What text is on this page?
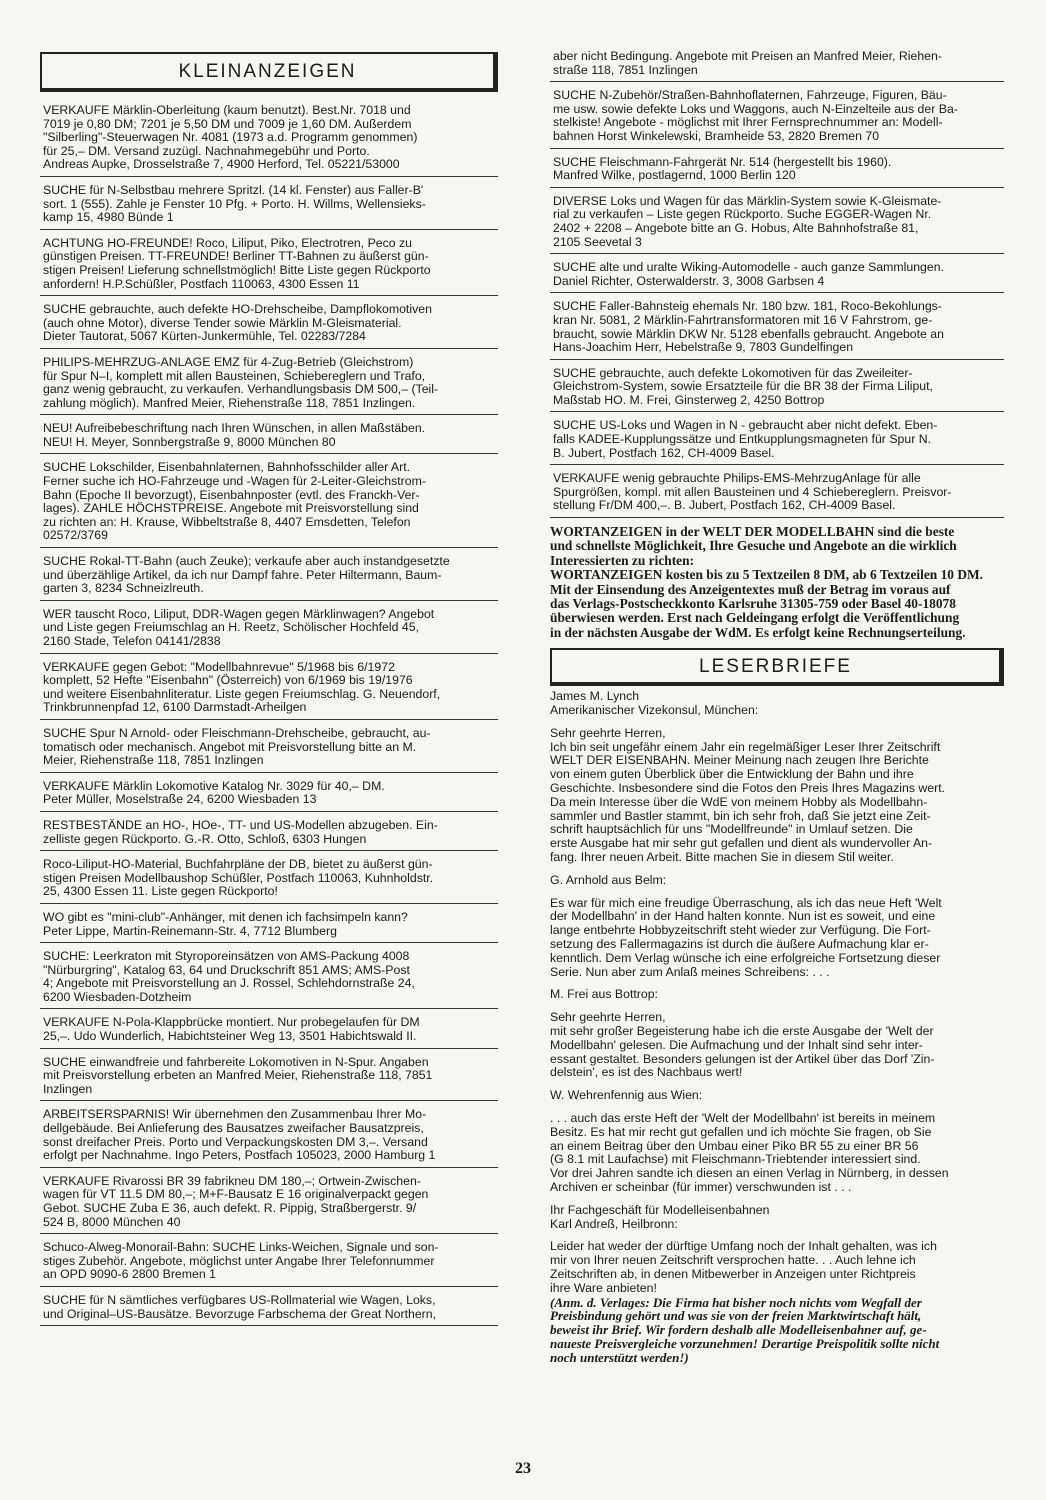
KLEINANZEIGEN
VERKAUFE Märklin-Oberleitung (kaum benutzt). Best.Nr. 7018 und
7019 je 0,80 DM; 7201 je 5,50 DM und 7009 je 1,60 DM. Außerdem
"Silberling"-Steuerwagen Nr. 4081 (1973 a.d. Programm genommen)
für 25,– DM. Versand zuzügl. Nachnahmegebühr und Porto.
Andreas Aupke, Drosselstraße 7, 4900 Herford, Tel. 05221/53000
SUCHE für N-Selbstbau mehrere Spritzl. (14 kl. Fenster) aus Faller-B'
sort. 1 (555). Zahle je Fenster 10 Pfg. + Porto. H. Willms, Wellensieks-
kamp 15, 4980 Bünde 1
ACHTUNG HO-FREUNDE! Roco, Liliput, Piko, Electrotren, Peco zu
günstigen Preisen. TT-FREUNDE! Berliner TT-Bahnen zu äußerst gün-
stigen Preisen! Lieferung schnellstmöglich! Bitte Liste gegen Rückporto
anfordern! H.P.Schüßler, Postfach 110063, 4300 Essen 11
SUCHE gebrauchte, auch defekte HO-Drehscheibe, Dampflokomotiven
(auch ohne Motor), diverse Tender sowie Märklin M-Gleismaterial.
Dieter Tautorat, 5067 Kürten-Junkermühle, Tel. 02283/7284
PHILIPS-MEHRZUG-ANLAGE EMZ für 4-Zug-Betrieb (Gleichstrom)
für Spur N–I, komplett mit allen Bausteinen, Schiebereglern und Trafo,
ganz wenig gebraucht, zu verkaufen. Verhandlungsbasis DM 500,– (Teil-
zahlung möglich). Manfred Meier, Riehenstraße 118, 7851 Inzlingen.
NEU! Aufreibebeschriftung nach Ihren Wünschen, in allen Maßstäben.
NEU! H. Meyer, Sonnbergstraße 9, 8000 München 80
SUCHE Lokschilder, Eisenbahnlaternen, Bahnhofsschilder aller Art.
Ferner suche ich HO-Fahrzeuge und -Wagen für 2-Leiter-Gleichstrom-
Bahn (Epoche II bevorzugt), Eisenbahnposter (evtl. des Franckh-Ver-
lages). ZAHLE HÖCHSTPREISE. Angebote mit Preisvorstellung sind
zu richten an: H. Krause, Wibbeltstraße 8, 4407 Emsdetten, Telefon
02572/3769
SUCHE Rokal-TT-Bahn (auch Zeuke); verkaufe aber auch instandgesetzte
und überzählige Artikel, da ich nur Dampf fahre. Peter Hiltermann, Baum-
garten 3, 8234 Schneizlreuth.
WER tauscht Roco, Liliput, DDR-Wagen gegen Märklinwagen? Angebot
und Liste gegen Freiumschlag an H. Reetz, Schölischer Hochfeld 45,
2160 Stade, Telefon 04141/2838
VERKAUFE gegen Gebot: "Modellbahnrevue" 5/1968 bis 6/1972
komplett, 52 Hefte "Eisenbahn" (Österreich) von 6/1969 bis 19/1976
und weitere Eisenbahnliteratur. Liste gegen Freiumschlag. G. Neuendorf,
Trinkbrunnenpfad 12, 6100 Darmstadt-Arheilgen
SUCHE Spur N Arnold- oder Fleischmann-Drehscheibe, gebraucht, au-
tomatisch oder mechanisch. Angebot mit Preisvorstellung bitte an M.
Meier, Riehenstraße 118, 7851 Inzlingen
VERKAUFE Märklin Lokomotive Katalog Nr. 3029 für 40,– DM.
Peter Müller, Moselstraße 24, 6200 Wiesbaden 13
RESTBESTÄNDE an HO-, HOe-, TT- und US-Modellen abzugeben. Ein-
zelliste gegen Rückporto. G.-R. Otto, Schloß, 6303 Hungen
Roco-Liliput-HO-Material, Buchfahrpläne der DB, bietet zu äußerst gün-
stigen Preisen Modellbaushop Schüßler, Postfach 110063, Kuhnholdstr.
25, 4300 Essen 11. Liste gegen Rückporto!
WO gibt es "mini-club"-Anhänger, mit denen ich fachsimpeln kann?
Peter Lippe, Martin-Reinemann-Str. 4, 7712 Blumberg
SUCHE: Leerkraton mit Styroporeinsätzen von AMS-Packung 4008
"Nürburgring", Katalog 63, 64 und Druckschrift 851 AMS; AMS-Post
4; Angebote mit Preisvorstellung an J. Rossel, Schlehdornstraße 24,
6200 Wiesbaden-Dotzheim
VERKAUFE N-Pola-Klappbrücke montiert. Nur probegelaufen für DM
25,–. Udo Wunderlich, Habichtsteiner Weg 13, 3501 Habichtswald II.
SUCHE einwandfreie und fahrbereite Lokomotiven in N-Spur. Angaben
mit Preisvorstellung erbeten an Manfred Meier, Riehenstraße 118, 7851
Inzlingen
ARBEITSERSPARNIS! Wir übernehmen den Zusammenbau Ihrer Mo-
dellgebäude. Bei Anlieferung des Bausatzes zweifacher Bausatzpreis,
sonst dreifacher Preis. Porto und Verpackungskosten DM 3,–. Versand
erfolgt per Nachnahme. Ingo Peters, Postfach 105023, 2000 Hamburg 1
VERKAUFE Rivarossi BR 39 fabrikneu DM 180,–; Ortwein-Zwischen-
wagen für VT 11.5 DM 80,–; M+F-Bausatz E 16 originalverpackt gegen
Gebot. SUCHE Zuba E 36, auch defekt. R. Pippig, Straßbergerstr. 9/
524 B, 8000 München 40
Schuco-Alweg-Monorail-Bahn: SUCHE Links-Weichen, Signale und son-
stiges Zubehör. Angebote, möglichst unter Angabe Ihrer Telefonnummer
an OPD 9090-6 2800 Bremen 1
SUCHE für N sämtliches verfügbares US-Rollmaterial wie Wagen, Loks,
und Original–US-Bausätze. Bevorzuge Farbschema der Great Northern,
aber nicht Bedingung. Angebote mit Preisen an Manfred Meier, Riehen-
straße 118, 7851 Inzlingen
SUCHE N-Zubehör/Straßen-Bahnhoflaternen, Fahrzeuge, Figuren, Bäu-
me usw. sowie defekte Loks und Waggons, auch N-Einzelteile aus der Ba-
stelkiste! Angebote - möglichst mit Ihrer Fernsprechnummer an: Modell-
bahnen Horst Winkelewski, Bramheide 53, 2820 Bremen 70
SUCHE Fleischmann-Fahrgerät Nr. 514 (hergestellt bis 1960).
Manfred Wilke, postlagernd, 1000 Berlin 120
DIVERSE Loks und Wagen für das Märklin-System sowie K-Gleismate-
rial zu verkaufen – Liste gegen Rückporto. Suche EGGER-Wagen Nr.
2402 + 2208 – Angebote bitte an G. Hobus, Alte Bahnhofstraße 81,
2105 Seevetal 3
SUCHE alte und uralte Wiking-Automodelle - auch ganze Sammlungen.
Daniel Richter, Osterwalderstr. 3, 3008 Garbsen 4
SUCHE Faller-Bahnsteig ehemals Nr. 180 bzw. 181, Roco-Bekohlungs-
kran Nr. 5081, 2 Märklin-Fahrtransformatoren mit 16 V Fahrstrom, ge-
braucht, sowie Märklin DKW Nr. 5128 ebenfalls gebraucht. Angebote an
Hans-Joachim Herr, Hebelstraße 9, 7803 Gundelfingen
SUCHE gebrauchte, auch defekte Lokomotiven für das Zweileiter-
Gleichstrom-System, sowie Ersatzteile für die BR 38 der Firma Liliput,
Maßstab HO. M. Frei, Ginsterweg 2, 4250 Bottrop
SUCHE US-Loks und Wagen in N - gebraucht aber nicht defekt. Eben-
falls KADEE-Kupplungssätze und Entkupplungsmagneten für Spur N.
B. Jubert, Postfach 162, CH-4009 Basel.
VERKAUFE wenig gebrauchte Philips-EMS-MehrzugAnlage für alle
Spurgrößen, kompl. mit allen Bausteinen und 4 Schiebereglern. Preisvor-
stellung Fr/DM 400,–. B. Jubert, Postfach 162, CH-4009 Basel.
WORTANZEIGEN in der WELT DER MODELLBAHN sind die beste
und schnellste Möglichkeit, Ihre Gesuche und Angebote an die wirklich
Interessierten zu richten:
WORTANZEIGEN kosten bis zu 5 Textzeilen 8 DM, ab 6 Textzeilen 10 DM.
Mit der Einsendung des Anzeigentextes muß der Betrag im voraus auf
das Verlags-Postscheckkonto Karlsruhe 31305-759 oder Basel 40-18078
überwiesen werden. Erst nach Geldeingang erfolgt die Veröffentlichung
in der nächsten Ausgabe der WdM. Es erfolgt keine Rechnungserteilung.
LESERBRIEFE
James M. Lynch
Amerikanischer Vizekonsul, München:
Sehr geehrte Herren,
Ich bin seit ungefähr einem Jahr ein regelmäßiger Leser Ihrer Zeitschrift
WELT DER EISENBAHN. Meiner Meinung nach zeugen Ihre Berichte
von einem guten Überblick über die Entwicklung der Bahn und ihre
Geschichte. Insbesondere sind die Fotos den Preis Ihres Magazins wert.
Da mein Interesse über die WdE von meinem Hobby als Modellbahn-
sammler und Bastler stammt, bin ich sehr froh, daß Sie jetzt eine Zeit-
schrift hauptsächlich für uns "Modellfreunde" in Umlauf setzen. Die
erste Ausgabe hat mir sehr gut gefallen und dient als wundervoller An-
fang. Ihrer neuen Arbeit. Bitte machen Sie in diesem Stil weiter.
G. Arnhold aus Belm:
Es war für mich eine freudige Überraschung, als ich das neue Heft 'Welt
der Modellbahn' in der Hand halten konnte. Nun ist es soweit, und eine
lange entbehrte Hobbyzeitschrift steht wieder zur Verfügung. Die Fort-
setzung des Fallermagazins ist durch die äußere Aufmachung klar er-
kenntlich. Dem Verlag wünsche ich eine erfolgreiche Fortsetzung dieser
Serie. Nun aber zum Anlaß meines Schreibens: . . .
M. Frei aus Bottrop:
Sehr geehrte Herren,
mit sehr großer Begeisterung habe ich die erste Ausgabe der 'Welt der
Modellbahn' gelesen. Die Aufmachung und der Inhalt sind sehr inter-
essant gestaltet. Besonders gelungen ist der Artikel über das Dorf 'Zin-
delstein', es ist des Nachbaus wert!
W. Wehrenfennig aus Wien:
. . . auch das erste Heft der 'Welt der Modellbahn' ist bereits in meinem
Besitz. Es hat mir recht gut gefallen und ich möchte Sie fragen, ob Sie
an einem Beitrag über den Umbau einer Piko BR 55 zu einer BR 56
(G 8.1 mit Laufachse) mit Fleischmann-Triebtender interessiert sind.
Vor drei Jahren sandte ich diesen an einen Verlag in Nürnberg, in dessen
Archiven er scheinbar (für immer) verschwunden ist . . .
Ihr Fachgeschäft für Modelleisenbahnen
Karl Andreß, Heilbronn:
Leider hat weder der dürftige Umfang noch der Inhalt gehalten, was ich
mir von Ihrer neuen Zeitschrift versprochen hatte. . . Auch lehne ich
Zeitschriften ab, in denen Mitbewerber in Anzeigen unter Richtpreis
ihre Ware anbieten!
(Anm. d. Verlages: Die Firma hat bisher noch nichts vom Wegfall der
Preisbindung gehört und was sie von der freien Marktwirtschaft hält,
beweist ihr Brief. Wir fordern deshalb alle Modelleisenbahner auf, ge-
naueste Preisvergleiche vorzunehmen! Derartige Preispolitik sollte nicht
noch unterstützt werden!)
23
